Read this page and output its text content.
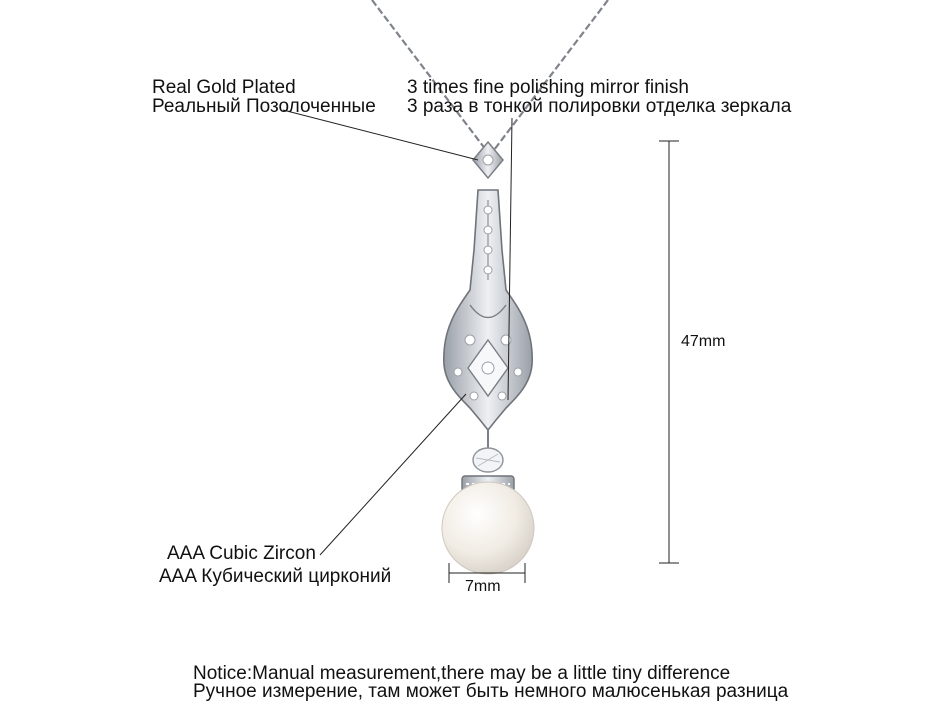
Real Gold Plated
Реальный Позолоченные
3 times fine polishing mirror finish
3 раза в тонкой полировки отделка зеркала
47mm
AAA Cubic Zircon
AAA Кубический цирконий	7mm
Notice:Manual measurement,there may be a little tiny difference
Ручное измерение, там может быть немного малюсенькая разница
